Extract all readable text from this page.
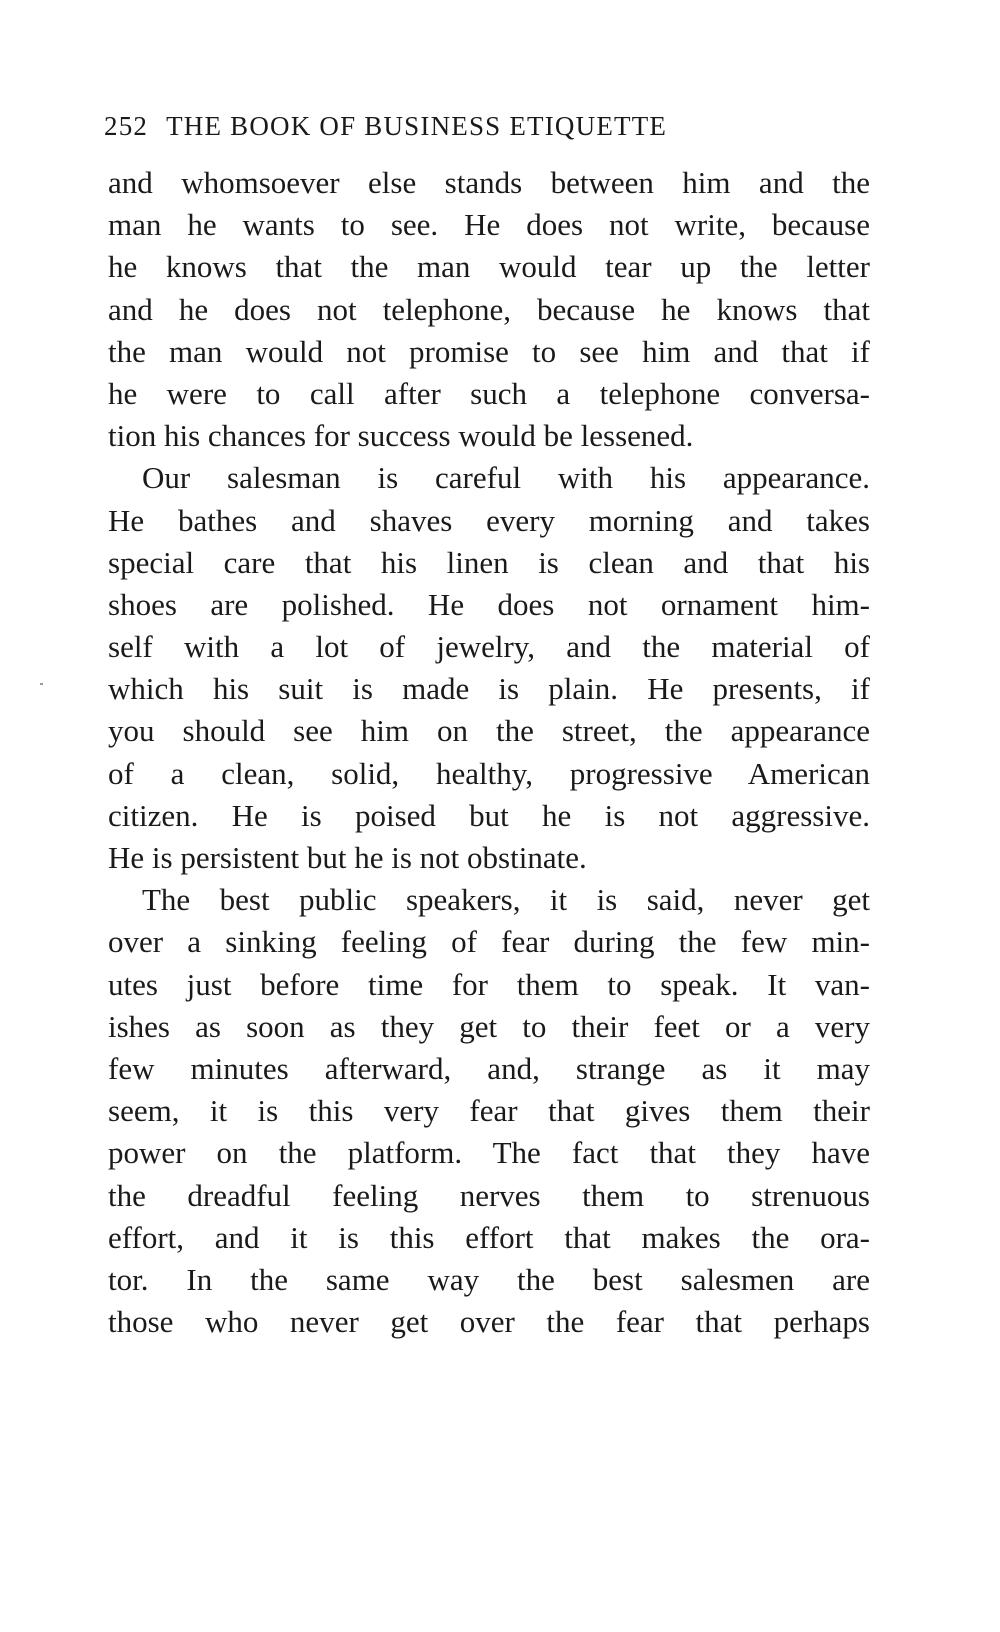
252 THE BOOK OF BUSINESS ETIQUETTE
and whomsoever else stands between him and the
man he wants to see. He does not write, because
he knows that the man would tear up the letter
and he does not telephone, because he knows that
the man would not promise to see him and that if
he were to call after such a telephone conversa-
tion his chances for success would be lessened.
Our salesman is careful with his appearance.
He bathes and shaves every morning and takes
special care that his linen is clean and that his
shoes are polished. He does not ornament him-
self with a lot of jewelry, and the material of
which his suit is made is plain. He presents, if
you should see him on the street, the appearance
of a clean, solid, healthy, progressive American
citizen. He is poised but he is not aggressive.
He is persistent but he is not obstinate.
The best public speakers, it is said, never get
over a sinking feeling of fear during the few min-
utes just before time for them to speak. It van-
ishes as soon as they get to their feet or a very
few minutes afterward, and, strange as it may
seem, it is this very fear that gives them their
power on the platform. The fact that they have
the dreadful feeling nerves them to strenuous
effort, and it is this effort that makes the ora-
tor. In the same way the best salesmen are
those who never get over the fear that perhaps
